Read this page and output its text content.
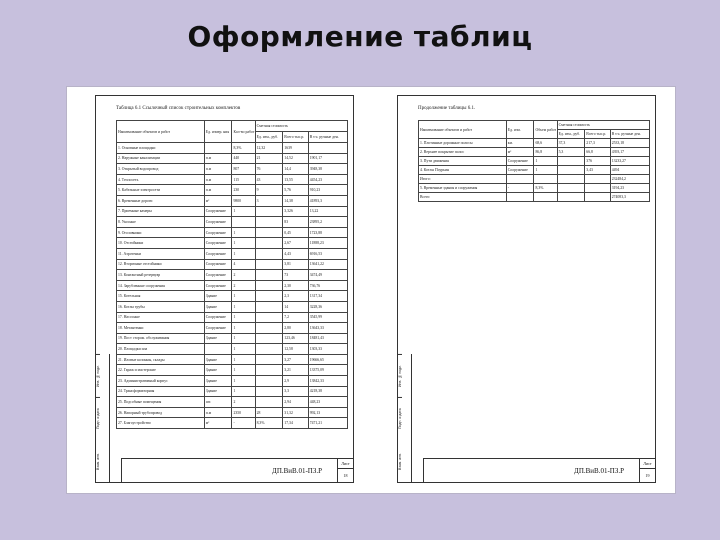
Оформление таблиц
Инв. № подл.
Подп. и дата
Взам. инв.
Таблица 6.1 Ссылочный список строительных комплектов
Наименование объектов и работ	Ед. измер. ния	Кол-во работ	Сметная стоимость		
			Ед. изм., руб.	Всего тыс.р.	В т.ч. ручные ден.
1. Основные площадки		8,3%	12,32	1639	
2. Наружные канализации	п.м	440	21	14,52	1901,17
3. Открытый водопровод	п.м	807	76	14,4	3948,38
4. Теплосеть	п.м	115	43	13,55	4454,23
5. Кабельные электросети	п.м	230	9	5,76	910,23
6. Временные дороги	м²	9800	3	14,38	41893,3
7. Приемные камеры	Сооружение	1		3,326	13,22
8. Укосные	Сооружение			83	23895,2
9. Оголовники	Сооружение	1		0,45	1723,88
10. Отстойники	Сооружение	1		2,67	11888,23
11. Аэротенки	Сооружение	1		4,43	6916,53
12. Вторичные отстойники	Сооружение	4		3,81	13641,22
13. Контактный резервуар	Сооружение	2		73	3474,49
14. Зарубленные сооружения	Сооружение	2		2,30	736,76
15. Котельная	Здание	1		2,3	1317,34
16. Котлы трубы	Здание	1		14	3228,36
17. Насосные	Сооружение	1		7,2	3545,99
18. Метантенки	Сооружение	1		2,80	13643,33
19. Пост сторож. обслуживания	Здание	1		123,46	18481,43
20. Площадки ила		1		12,58	1303,33
21. Иловые колонны, склады	Здание	1		3,27	19666,65
22. Гараж и мастерские	Здание	1		3,21	13375,09
23. Административный корпус	Здание	1		2,9	13842,33
24. Трансформаторная	Здание	1		3,3	4218,38
25. Подсобные помещения	шт.	2		2,94	448,23
26. Напорный трубопровод	п.м	2350	28	31,32	992,13
27. Благоустройство	м²	-	8,3%	17,34	7471,21
ДП.ВиВ.01-ПЗ.Р
Лист
18
Инв. № подл.
Подп. и дата
Взам. инв.
Продолжение таблицы 6.1.
Наименование объектов и работ	Ед. изм.	Объем работ	Сметная стоимость		
			Ед. изм., руб.	Всего тыс.р.	В т.ч. ручные ден.
1. Плотинные дорожные полосы	км.	68,6	37,3	217,3	2533,18
2. Верхнее покрытие полос	м²	86,8	5,3	66,8	4393,17
3. Пути движения	Сооружение	1		376	13233,27
4. Котлы Поурьин	Сооружение	1		3,43	4494
Итого:					232484,2
5. Временные здания и сооружения	-	8,3%			3194,23
Всего:					274083,3
ДП.ВиВ.01-ПЗ.Р
Лист
19
